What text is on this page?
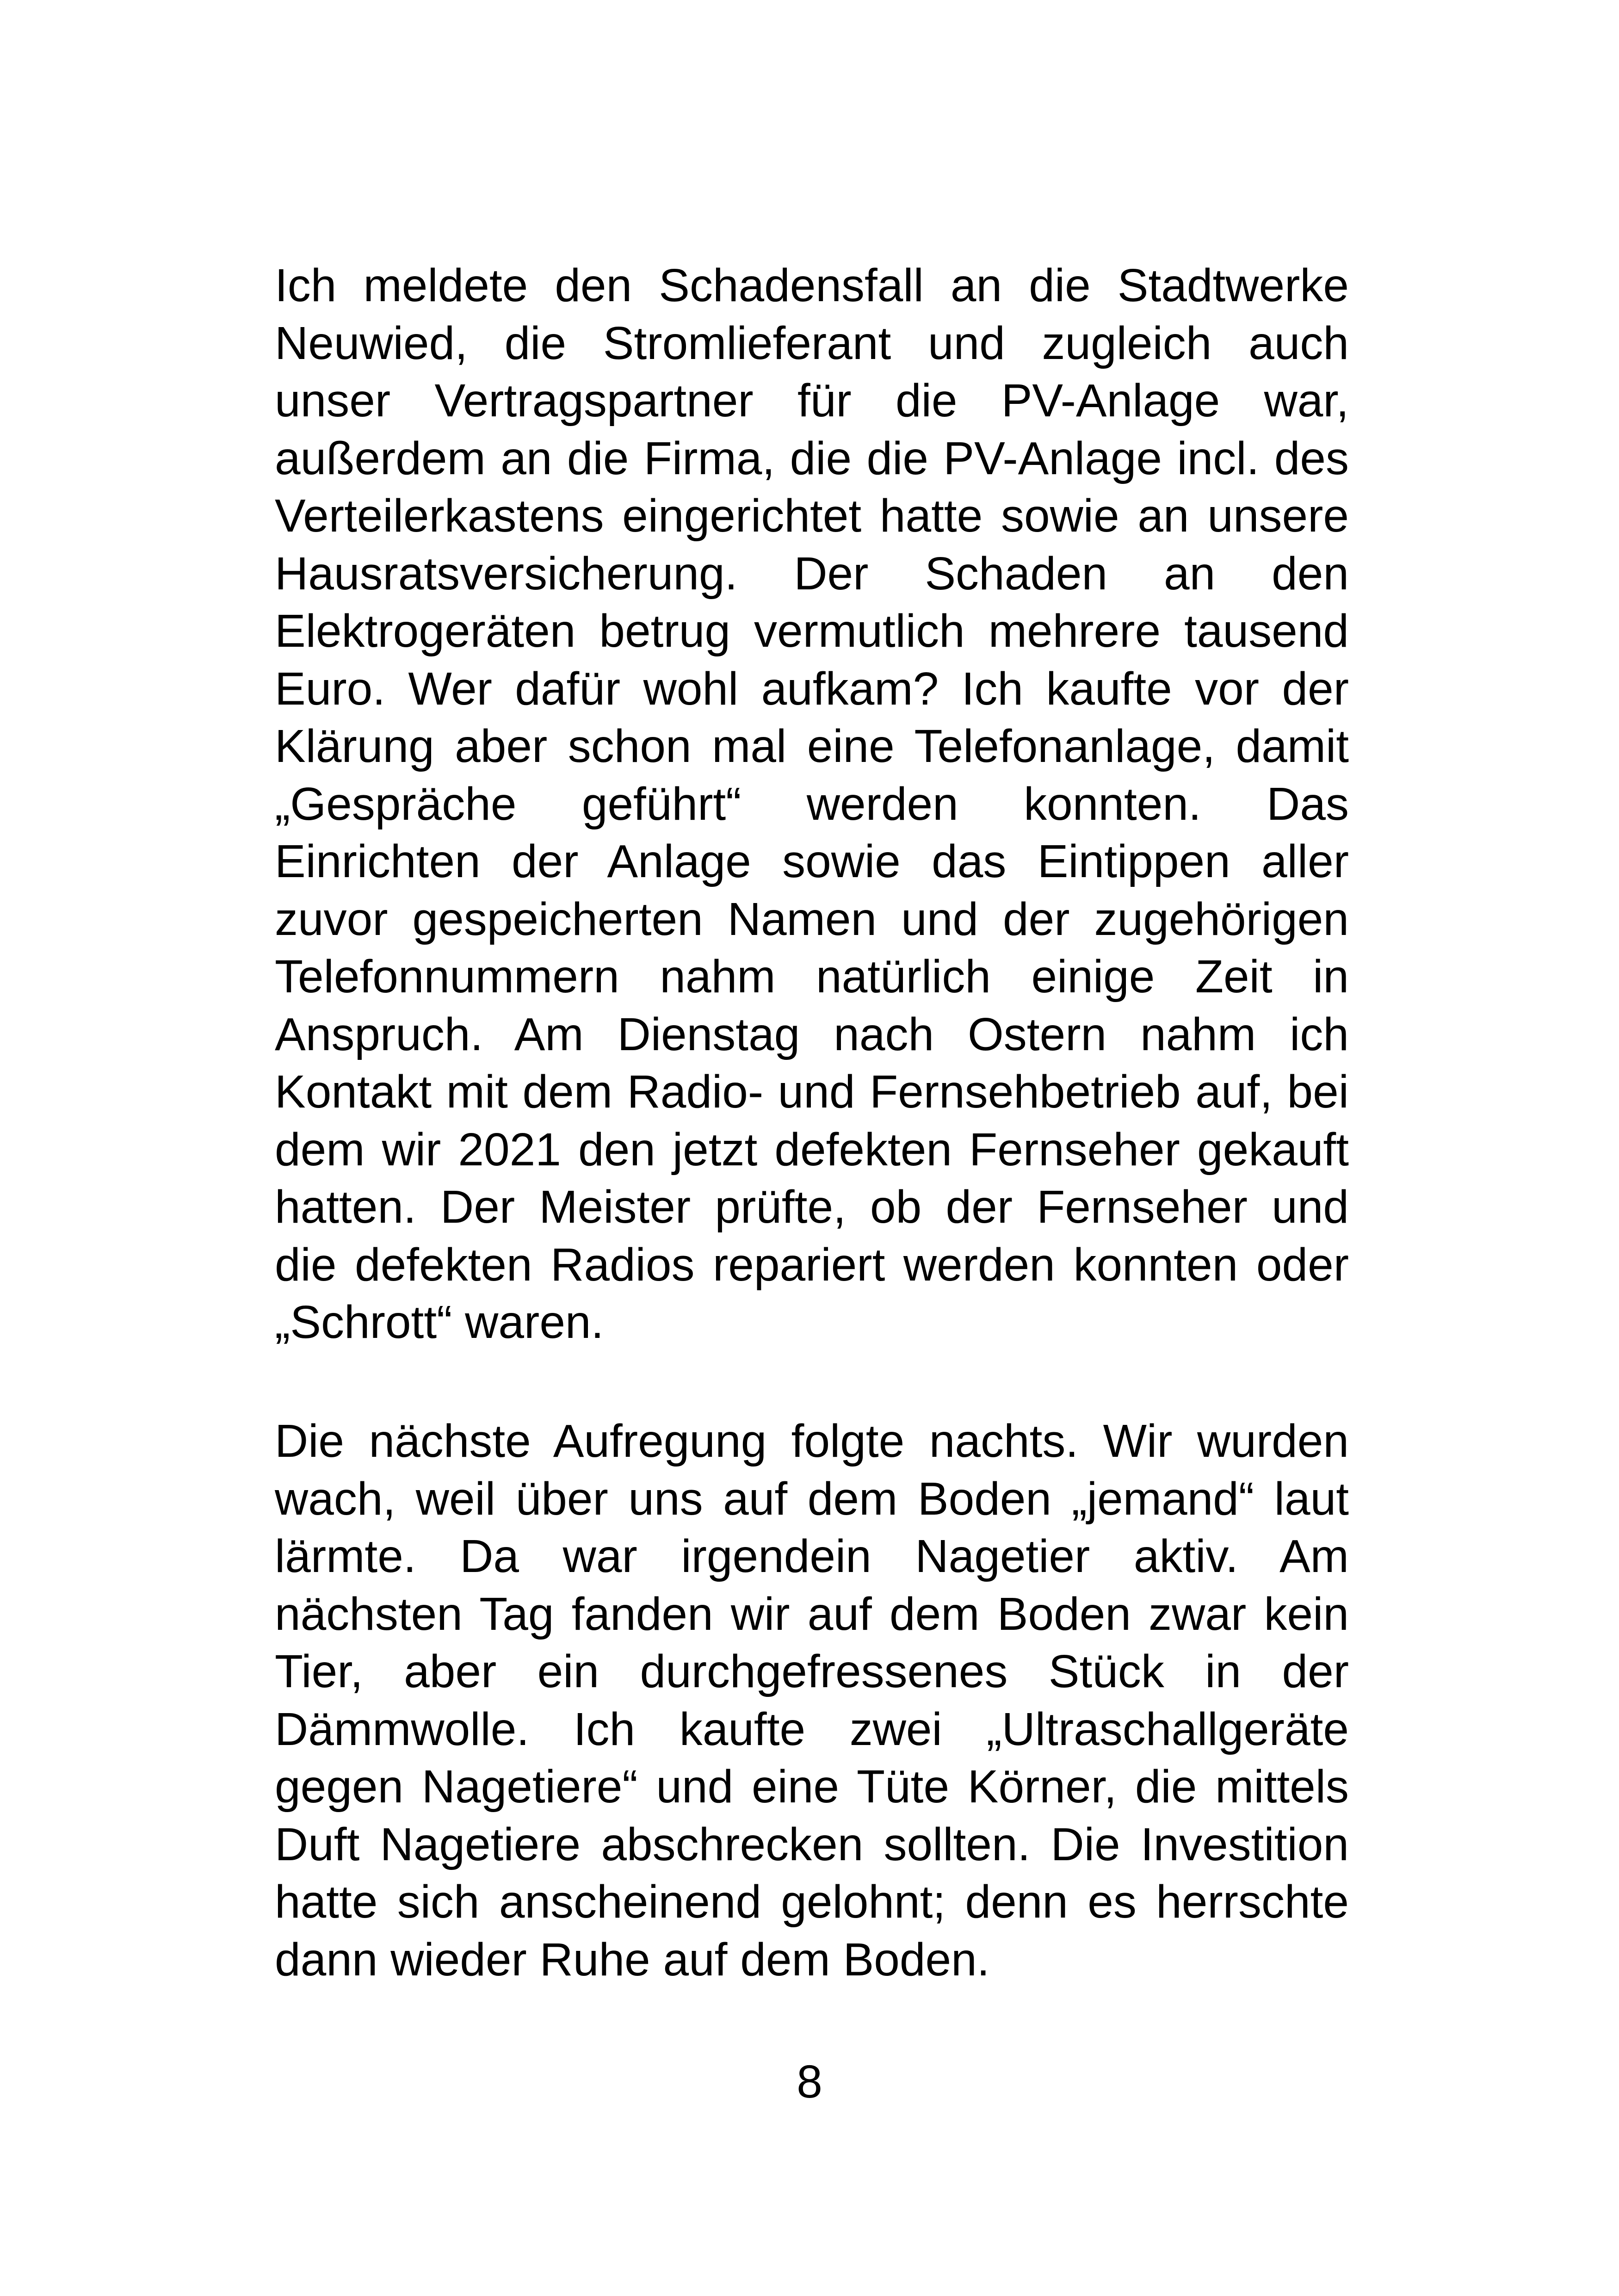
Ich meldete den Schadensfall an die Stadtwerke
Neuwied, die Stromlieferant und zugleich auch
unser Vertragspartner für die PV-Anlage war,
außerdem an die Firma, die die PV-Anlage incl. des
Verteilerkastens eingerichtet hatte sowie an unsere
Hausratsversicherung. Der Schaden an den
Elektrogeräten betrug vermutlich mehrere tausend
Euro. Wer dafür wohl aufkam? Ich kaufte vor der
Klärung aber schon mal eine Telefonanlage, damit
„Gespräche geführt“ werden konnten. Das
Einrichten der Anlage sowie das Eintippen aller
zuvor gespeicherten Namen und der zugehörigen
Telefonnummern nahm natürlich einige Zeit in
Anspruch. Am Dienstag nach Ostern nahm ich
Kontakt mit dem Radio- und Fernsehbetrieb auf, bei
dem wir 2021 den jetzt defekten Fernseher gekauft
hatten. Der Meister prüfte, ob der Fernseher und
die defekten Radios repariert werden konnten oder
„Schrott“ waren.
Die nächste Aufregung folgte nachts. Wir wurden
wach, weil über uns auf dem Boden „jemand“ laut
lärmte. Da war irgendein Nagetier aktiv. Am
nächsten Tag fanden wir auf dem Boden zwar kein
Tier, aber ein durchgefressenes Stück in der
Dämmwolle. Ich kaufte zwei „Ultraschallgeräte
gegen Nagetiere“ und eine Tüte Körner, die mittels
Duft Nagetiere abschrecken sollten. Die Investition
hatte sich anscheinend gelohnt; denn es herrschte
dann wieder Ruhe auf dem Boden.
8
